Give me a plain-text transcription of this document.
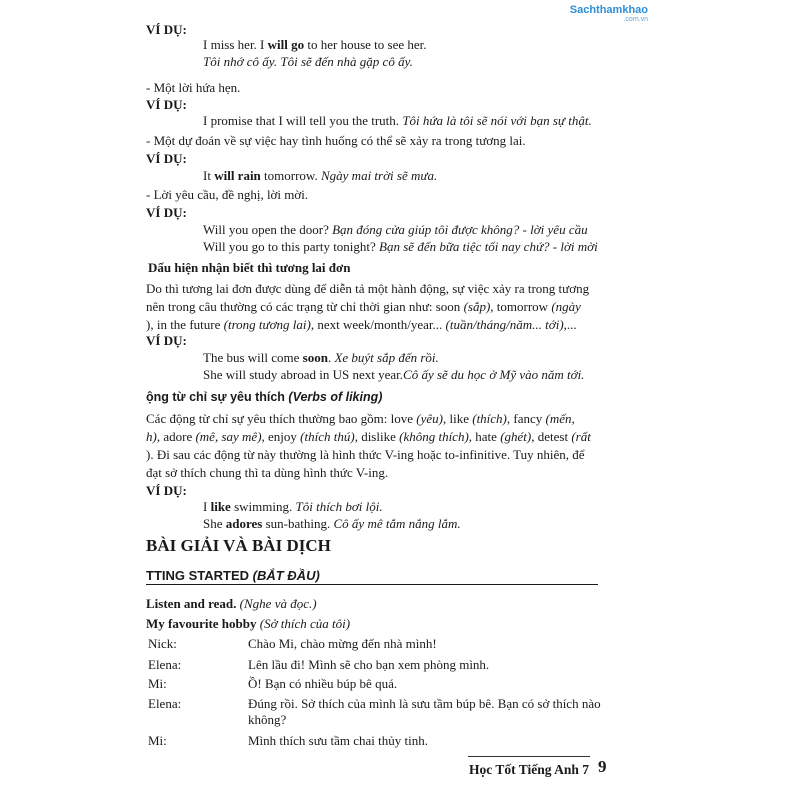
Sachthamkhao
.com.vn
VÍ DỤ:
I miss her. I will go to her house to see her.
Tôi nhớ cô ấy. Tôi sẽ đến nhà gặp cô ấy.
- Một lời hứa hẹn.
VÍ DỤ:
I promise that I will tell you the truth. Tôi hứa là tôi sẽ nói với bạn sự thật.
- Một dự đoán về sự việc hay tình huống có thể sẽ xảy ra trong tương lai.
VÍ DỤ:
It will rain tomorrow. Ngày mai trời sẽ mưa.
- Lời yêu cầu, đề nghị, lời mời.
VÍ DỤ:
Will you open the door? Bạn đóng cửa giúp tôi được không? - lời yêu cầu
Will you go to this party tonight? Bạn sẽ đến bữa tiệc tối nay chứ? - lời mời
Dấu hiện nhận biết thì tương lai đơn
Do thì tương lai đơn được dùng để diễn tả một hành động, sự việc xảy ra trong tương
nên trong câu thường có các trạng từ chỉ thời gian như: soon (sắp), tomorrow (ngày
), in the future (trong tương lai), next week/month/year... (tuần/tháng/năm... tới),...
VÍ DỤ:
The bus will come soon. Xe buýt sắp đến rồi.
She will study abroad in US next year.Cô ấy sẽ du học ở Mỹ vào năm tới.
ộng từ chỉ sự yêu thích (Verbs of liking)
Các động từ chỉ sự yêu thích thường bao gồm: love (yêu), like (thích), fancy (mến,
h), adore (mê, say mê), enjoy (thích thú), dislike (không thích), hate (ghét), detest (rất
). Đi sau các động từ này thường là hình thức V-ing hoặc to-infinitive. Tuy nhiên, để
đạt sở thích chung thì ta dùng hình thức V-ing.
VÍ DỤ:
I like swimming. Tôi thích bơi lội.
She adores sun-bathing. Cô ấy mê tắm nắng lắm.
BÀI GIẢI VÀ BÀI DỊCH
TTING STARTED (BẮT ĐẦU)
Listen and read. (Nghe và đọc.)
My favourite hobby (Sở thích của tôi)
Nick:	Chào Mi, chào mừng đến nhà mình!
Elena:	Lên lầu đi! Mình sẽ cho bạn xem phòng mình.
Mi:	Ồ! Bạn có nhiều búp bê quá.
Elena:	Đúng rồi. Sở thích của mình là sưu tầm búp bê. Bạn có sở thích nào
không?
Mi:	Mình thích sưu tầm chai thủy tinh.
Học Tốt Tiếng Anh 7 9
